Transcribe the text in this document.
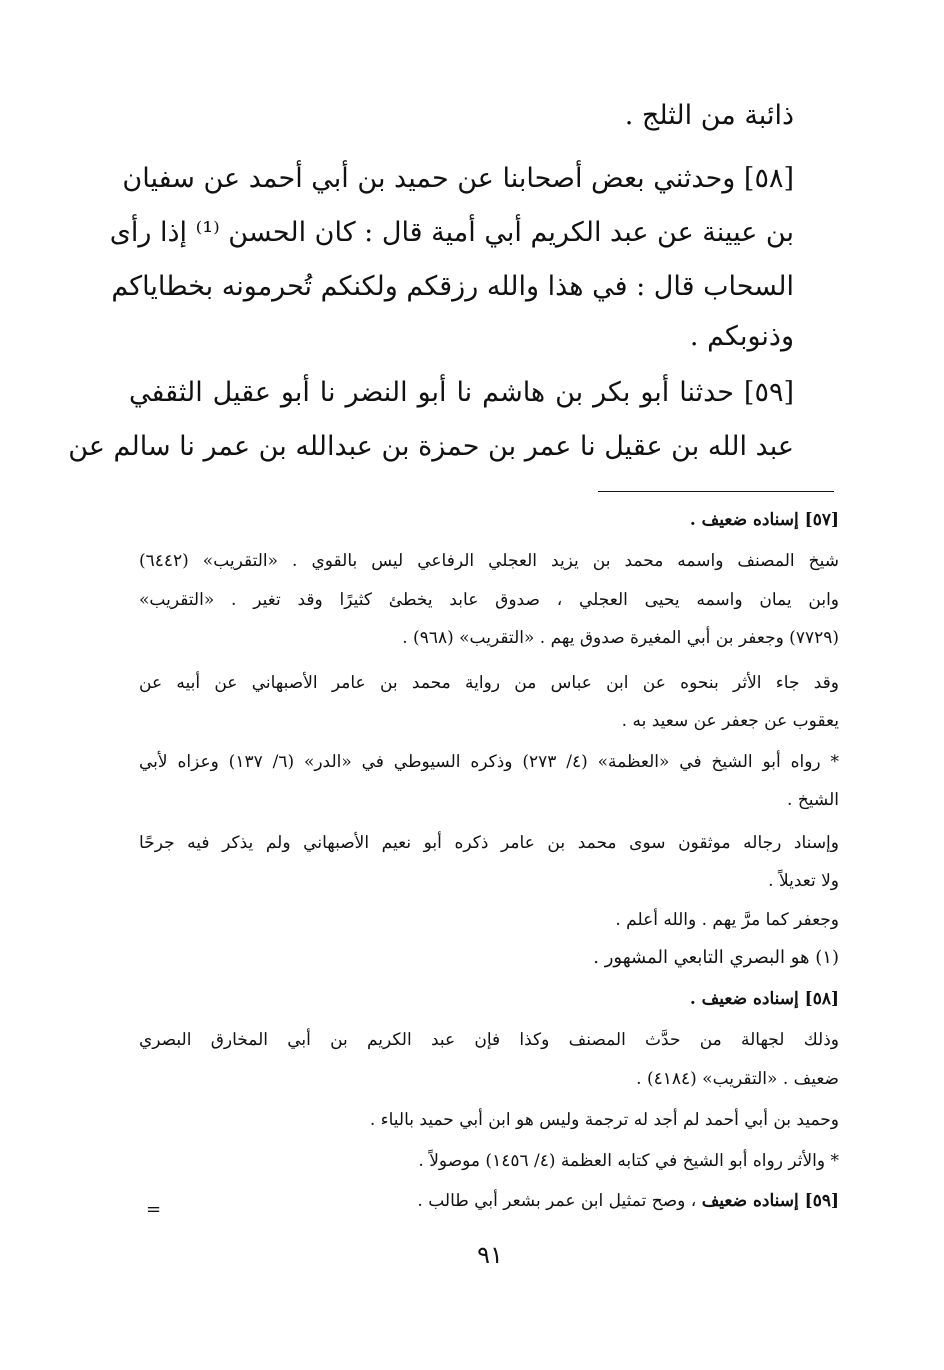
ذائبة من الثلج .
[٥٨] وحدثني بعض أصحابنا عن حميد بن أبي أحمد عن سفيان
بن عيينة عن عبد الكريم أبي أمية قال : كان الحسن ⁽¹⁾ إذا رأى
السحاب قال : في هذا والله رزقكم ولكنكم تُحرمونه بخطاياكم
وذنوبكم .
[٥٩] حدثنا أبو بكر بن هاشم نا أبو النضر نا أبو عقيل الثقفي
عبد الله بن عقيل نا عمر بن حمزة بن عبدالله بن عمر نا سالم عن
[٥٧] إسناده ضعيف .
شيخ المصنف واسمه محمد بن يزيد العجلي الرفاعي ليس بالقوي . «التقريب» (٦٤٤٢)
وابن يمان واسمه يحيى العجلي ، صدوق عابد يخطئ كثيرًا وقد تغير . «التقريب»
(٧٧٢٩) وجعفر بن أبي المغيرة صدوق يهم . «التقريب» (٩٦٨) .
وقد جاء الأثر بنحوه عن ابن عباس من رواية محمد بن عامر الأصبهاني عن أبيه عن
يعقوب عن جعفر عن سعيد به .
* رواه أبو الشيخ في «العظمة» (٤/ ٢٧٣) وذكره السيوطي في «الدر» (٦/ ١٣٧) وعزاه لأبي
الشيخ .
وإسناد رجاله موثقون سوى محمد بن عامر ذكره أبو نعيم الأصبهاني ولم يذكر فيه جرحًا
ولا تعديلاً .
وجعفر كما مرَّ يهم . والله أعلم .
(١) هو البصري التابعي المشهور .
[٥٨] إسناده ضعيف .
وذلك لجهالة من حدَّث المصنف وكذا فإن عبد الكريم بن أبي المخارق البصري
ضعيف . «التقريب» (٤١٨٤) .
وحميد بن أبي أحمد لم أجد له ترجمة وليس هو ابن أبي حميد بالياء .
* والأثر رواه أبو الشيخ في كتابه العظمة (٤/ ١٤٥٦) موصولاً .
[٥٩] إسناده ضعيف ، وصح تمثيل ابن عمر بشعر أبي طالب .
=
٩١
